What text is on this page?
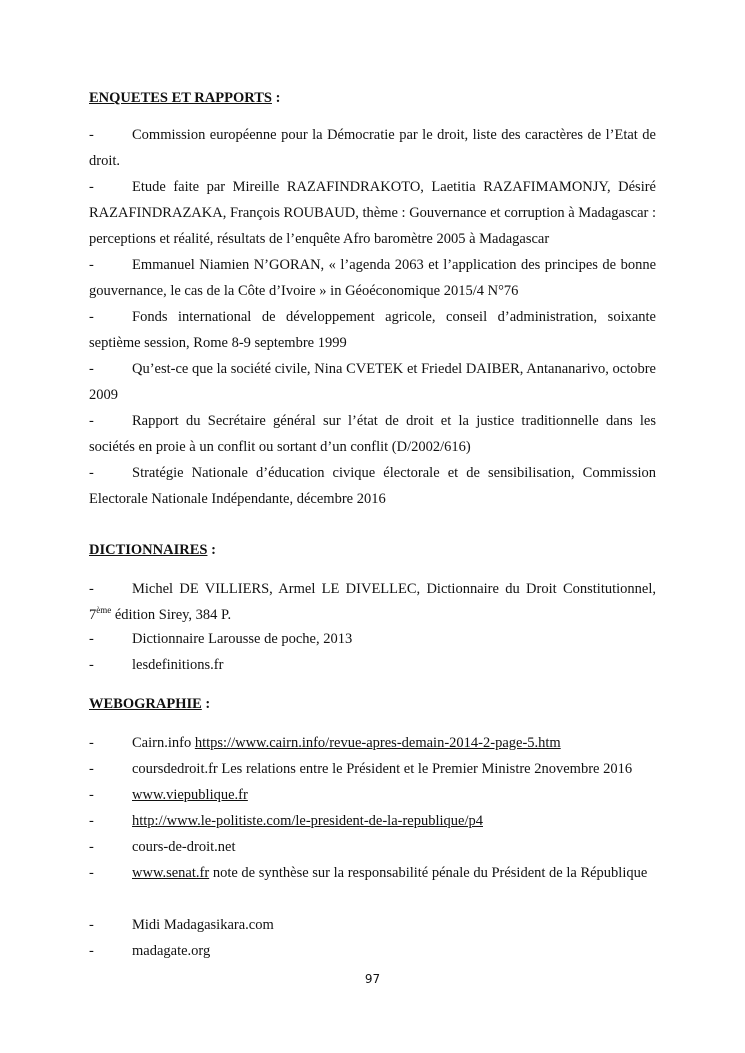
ENQUETES ET RAPPORTS :
-	Commission européenne pour la Démocratie par le droit, liste des caractères de l’Etat de droit.
-	Etude faite par Mireille RAZAFINDRAKOTO, Laetitia RAZAFIMAMONJY, Désiré RAZAFINDRAZAKA, François ROUBAUD, thème : Gouvernance et corruption à Madagascar : perceptions et réalité, résultats de l’enquête Afro baromètre 2005 à Madagascar
-	Emmanuel Niamien N’GORAN, « l’agenda 2063 et l’application des principes de bonne gouvernance, le cas de la Côte d’Ivoire » in Géoéconomique 2015/4 N°76
-	Fonds international de développement agricole, conseil d’administration, soixante septième session, Rome 8-9 septembre 1999
-	Qu’est-ce que la société civile, Nina CVETEK et Friedel DAIBER, Antananarivo, octobre 2009
-	Rapport du Secrétaire général sur l’état de droit et la justice traditionnelle dans les sociétés en proie à un conflit ou sortant d’un conflit (D/2002/616)
-	Stratégie Nationale d’éducation civique électorale et de sensibilisation, Commission Electorale Nationale Indépendante, décembre 2016
DICTIONNAIRES :
-	Michel DE VILLIERS, Armel LE DIVELLEC, Dictionnaire du Droit Constitutionnel, 7ème édition Sirey, 384 P.
-	Dictionnaire Larousse de poche, 2013
-	lesdefinitions.fr
WEBOGRAPHIE :
-	Cairn.info https://www.cairn.info/revue-apres-demain-2014-2-page-5.htm
-	coursdedroit.fr Les relations entre le Président et le Premier Ministre 2novembre 2016
-	www.viepublique.fr
-	http://www.le-politiste.com/le-president-de-la-republique/p4
-	cours-de-droit.net
-	www.senat.fr note de synthèse sur la responsabilité pénale du Président de la République
-	Midi Madagasikara.com
-	madagate.org
97
